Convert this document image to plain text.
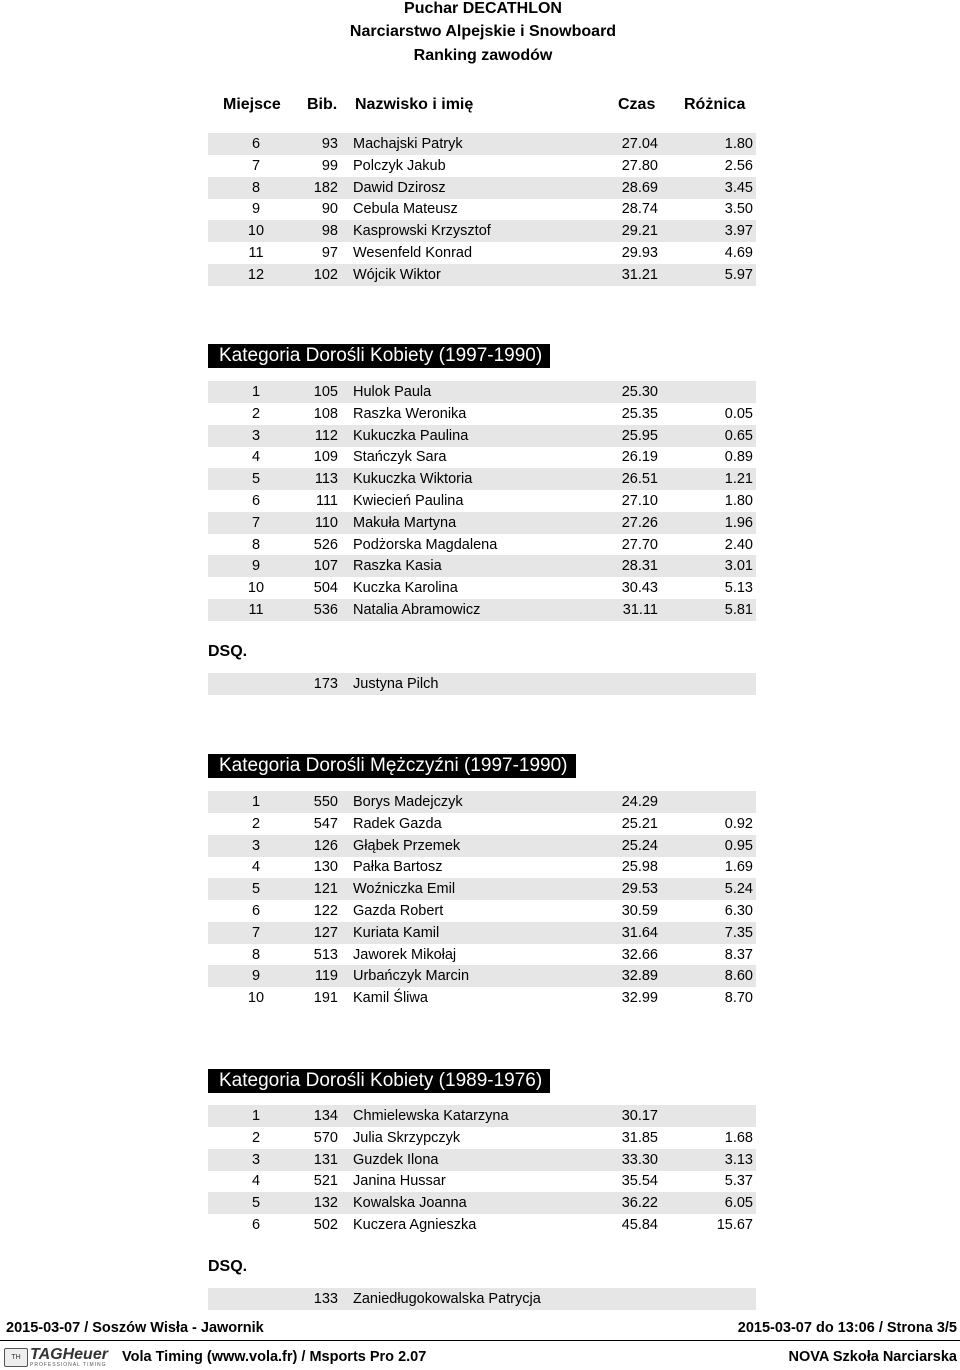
Puchar DECATHLON
Narciarstwo Alpejskie i Snowboard
Ranking zawodów
Miejsce Bib. Nazwisko i imię	Czas Różnica
Kategoria Dorośli Kobiety (1997-1990)
DSQ.
Kategoria Dorośli Mężczyźni (1997-1990)
Kategoria Dorośli Kobiety (1989-1976)
DSQ.
2015-03-07 / Soszów Wisła - Jawornik	2015-03-07 do 13:06 / Strona 3/5
TH TAGHeuer
PROFESSIONAL TIMING Vola Timing (www.vola.fr) / Msports Pro 2.07	NOVA Szkoła Narciarska
6	93 Machajski Patryk	27.04	1.80
7	99 Polczyk Jakub	27.80	2.56
8	182 Dawid Dzirosz	28.69	3.45
9	90 Cebula Mateusz	28.74	3.50
10	98 Kasprowski Krzysztof	29.21	3.97
11	97 Wesenfeld Konrad	29.93	4.69
12	102 Wójcik Wiktor	31.21	5.97
1	105 Hulok Paula	25.30
2	108 Raszka Weronika	25.35	0.05
3	112 Kukuczka Paulina	25.95	0.65
4	109 Stańczyk Sara	26.19	0.89
5	113 Kukuczka Wiktoria	26.51	1.21
6	111 Kwiecień Paulina	27.10	1.80
7	110 Makuła Martyna	27.26	1.96
8	526 Podżorska Magdalena	27.70	2.40
9	107 Raszka Kasia	28.31	3.01
10	504 Kuczka Karolina	30.43	5.13
11	536 Natalia Abramowicz	31.11	5.81
173 Justyna Pilch
1	550 Borys Madejczyk	24.29
2	547 Radek Gazda	25.21	0.92
3	126 Głąbek Przemek	25.24	0.95
4	130 Pałka Bartosz	25.98	1.69
5	121 Woźniczka Emil	29.53	5.24
6	122 Gazda Robert	30.59	6.30
7	127 Kuriata Kamil	31.64	7.35
8	513 Jaworek Mikołaj	32.66	8.37
9	119 Urbańczyk Marcin	32.89	8.60
10	191 Kamil Śliwa	32.99	8.70
1	134 Chmielewska Katarzyna	30.17
2	570 Julia Skrzypczyk	31.85	1.68
3	131 Guzdek Ilona	33.30	3.13
4	521 Janina Hussar	35.54	5.37
5	132 Kowalska Joanna	36.22	6.05
6	502 Kuczera Agnieszka	45.84	15.67
133 Zaniedługokowalska Patrycja
